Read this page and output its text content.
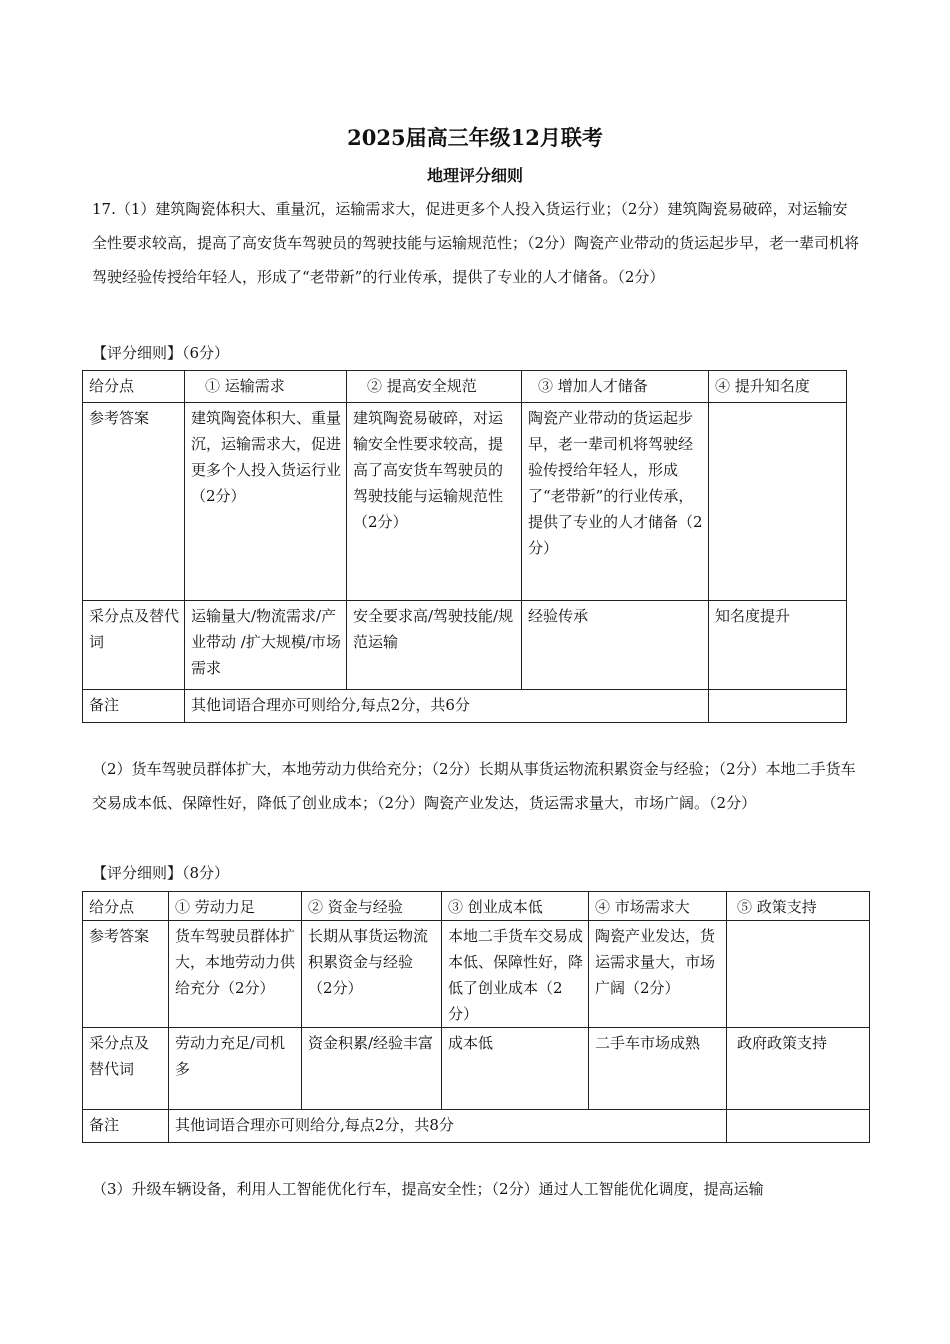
2025届高三年级12月联考
地理评分细则

17.（1）建筑陶瓷体积大、重量沉，运输需求大，促进更多个人投入货运行业；（2分）建筑陶瓷易破碎，对运输安全性要求较高，提高了高安货车驾驶员的驾驶技能与运输规范性；（2分）陶瓷产业带动的货运起步早，老一辈司机将驾驶经验传授给年轻人，形成了“老带新”的行业传承，提供了专业的人才储备。（2分）

【评分细则】（6分）
给分点	① 运输需求	② 提高安全规范	③ 增加人才储备	④ 提升知名度
参考答案	建筑陶瓷体积大、重量沉，运输需求大，促进更多个人投入货运行业（2分）	建筑陶瓷易破碎，对运输安全性要求较高，提高了高安货车驾驶员的驾驶技能与运输规范性（2分）	陶瓷产业带动的货运起步早，老一辈司机将驾驶经验传授给年轻人，形成了“老带新”的行业传承，提供了专业的人才储备（2分）	
采分点及替代词	运输量大/物流需求/产业带动 /扩大规模/市场需求	安全要求高/驾驶技能/规范运输	经验传承	知名度提升
备注	其他词语合理亦可则给分,每点2分，共6分			

（2）货车驾驶员群体扩大，本地劳动力供给充分；（2分）长期从事货运物流积累资金与经验；（2分）本地二手货车交易成本低、保障性好，降低了创业成本；（2分）陶瓷产业发达，货运需求量大，市场广阔。（2分）

【评分细则】（8分）
给分点	① 劳动力足	② 资金与经验	③ 创业成本低	④ 市场需求大	⑤ 政策支持
参考答案	货车驾驶员群体扩大，本地劳动力供给充分（2分）	长期从事货运物流积累资金与经验（2分）	本地二手货车交易成本低、保障性好，降低了创业成本（2分）	陶瓷产业发达，货运需求量大，市场广阔（2分）	
采分点及替代词	劳动力充足/司机多	资金积累/经验丰富	成本低	二手车市场成熟	政府政策支持
备注	其他词语合理亦可则给分,每点2分，共8分				

（3）升级车辆设备，利用人工智能优化行车，提高安全性；（2分）通过人工智能优化调度，提高运输
